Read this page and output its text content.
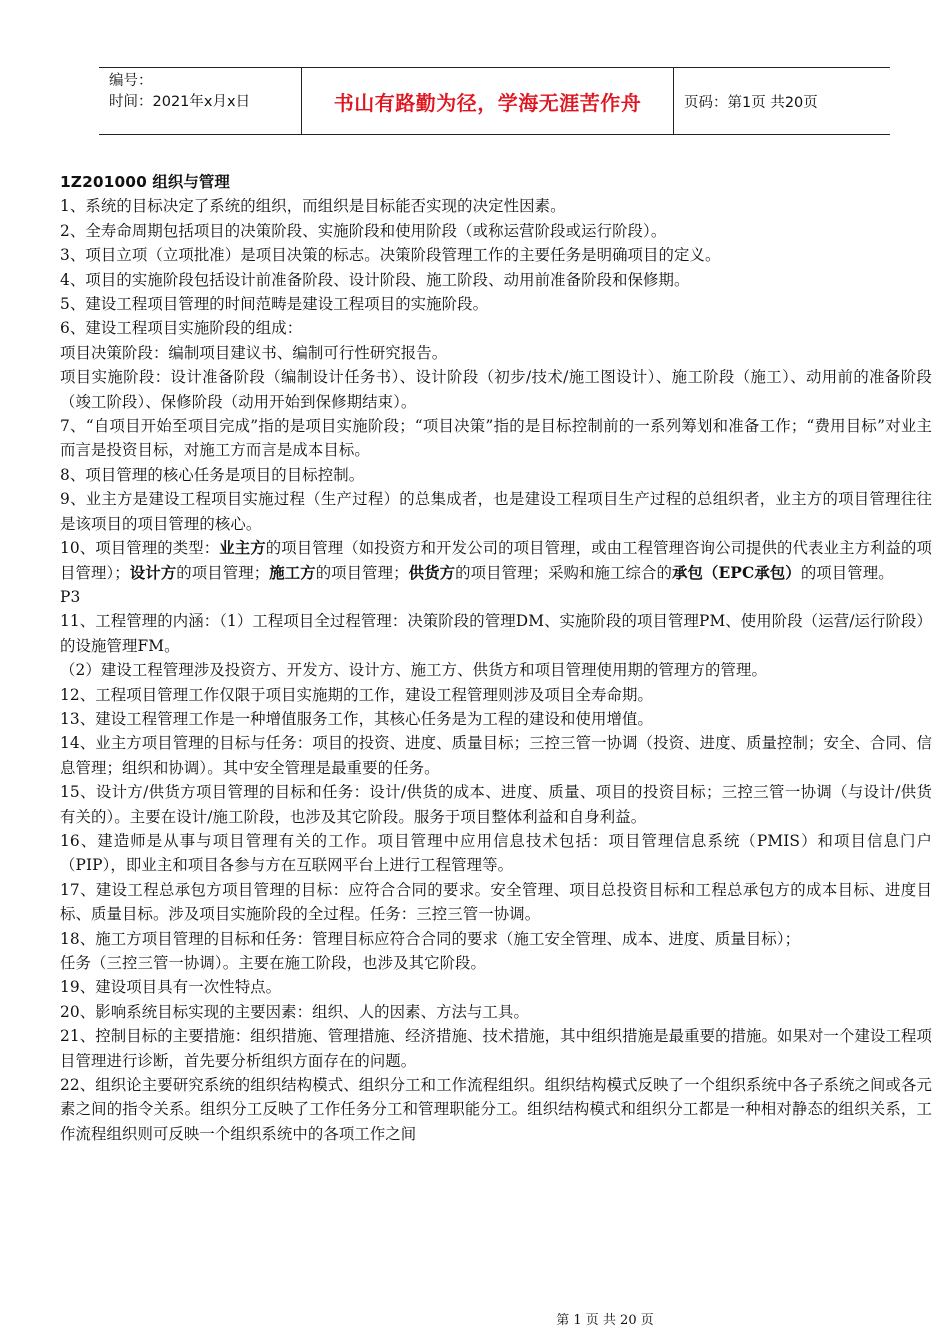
编号：
时间：2021年x月x日	书山有路勤为径，学海无涯苦作舟	页码：第1页 共20页

1Z201000 组织与管理

1、系统的目标决定了系统的组织，而组织是目标能否实现的决定性因素。

2、全寿命周期包括项目的决策阶段、实施阶段和使用阶段（或称运营阶段或运行阶段）。

3、项目立项（立项批准）是项目决策的标志。决策阶段管理工作的主要任务是明确项目的定义。

4、项目的实施阶段包括设计前准备阶段、设计阶段、施工阶段、动用前准备阶段和保修期。

5、建设工程项目管理的时间范畴是建设工程项目的实施阶段。

6、建设工程项目实施阶段的组成：

项目决策阶段：编制项目建议书、编制可行性研究报告。

项目实施阶段：设计准备阶段（编制设计任务书）、设计阶段（初步/技术/施工图设计）、施工阶段（施工）、动用前的准备阶段（竣工阶段）、保修阶段（动用开始到保修期结束）。

7、“自项目开始至项目完成”指的是项目实施阶段；“项目决策”指的是目标控制前的一系列筹划和准备工作；“费用目标”对业主而言是投资目标，对施工方而言是成本目标。

8、项目管理的核心任务是项目的目标控制。

9、业主方是建设工程项目实施过程（生产过程）的总集成者，也是建设工程项目生产过程的总组织者，业主方的项目管理往往是该项目的项目管理的核心。

10、项目管理的类型：业主方的项目管理（如投资方和开发公司的项目管理，或由工程管理咨询公司提供的代表业主方利益的项目管理）；设计方的项目管理；施工方的项目管理；供货方的项目管理；采购和施工综合的承包（EPC承包）的项目管理。

P3

11、工程管理的内涵：（1）工程项目全过程管理：决策阶段的管理DM、实施阶段的项目管理PM、使用阶段（运营/运行阶段）的设施管理FM。

（2）建设工程管理涉及投资方、开发方、设计方、施工方、供货方和项目管理使用期的管理方的管理。

12、工程项目管理工作仅限于项目实施期的工作，建设工程管理则涉及项目全寿命期。

13、建设工程管理工作是一种增值服务工作，其核心任务是为工程的建设和使用增值。

14、业主方项目管理的目标与任务：项目的投资、进度、质量目标；三控三管一协调（投资、进度、质量控制；安全、合同、信息管理；组织和协调）。其中安全管理是最重要的任务。

15、设计方/供货方项目管理的目标和任务：设计/供货的成本、进度、质量、项目的投资目标；三控三管一协调（与设计/供货有关的）。主要在设计/施工阶段，也涉及其它阶段。服务于项目整体利益和自身利益。

16、建造师是从事与项目管理有关的工作。项目管理中应用信息技术包括：项目管理信息系统（PMIS）和项目信息门户（PIP），即业主和项目各参与方在互联网平台上进行工程管理等。

17、建设工程总承包方项目管理的目标：应符合合同的要求。安全管理、项目总投资目标和工程总承包方的成本目标、进度目标、质量目标。涉及项目实施阶段的全过程。任务：三控三管一协调。

18、施工方项目管理的目标和任务：管理目标应符合合同的要求（施工安全管理、成本、进度、质量目标）；

任务（三控三管一协调）。主要在施工阶段，也涉及其它阶段。

19、建设项目具有一次性特点。

20、影响系统目标实现的主要因素：组织、人的因素、方法与工具。

21、控制目标的主要措施：组织措施、管理措施、经济措施、技术措施，其中组织措施是最重要的措施。如果对一个建设工程项目管理进行诊断，首先要分析组织方面存在的问题。

22、组织论主要研究系统的组织结构模式、组织分工和工作流程组织。组织结构模式反映了一个组织系统中各子系统之间或各元素之间的指令关系。组织分工反映了工作任务分工和管理职能分工。组织结构模式和组织分工都是一种相对静态的组织关系，工作流程组织则可反映一个组织系统中的各项工作之间

第 1 页 共 20 页
